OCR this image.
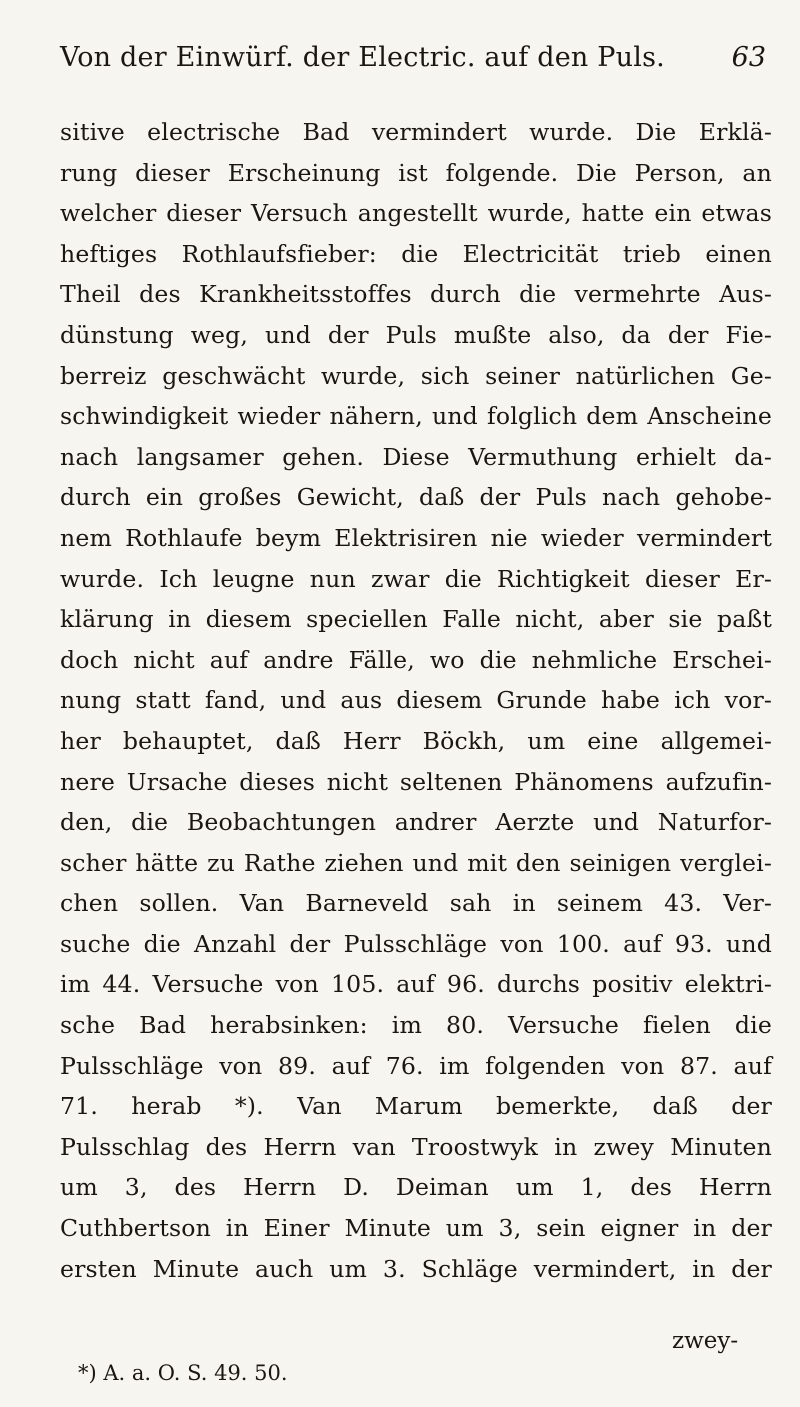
Von der Einwürf. der Electric. auf den Puls. 63
sitive electrische Bad vermindert wurde. Die Erklä-
rung dieser Erscheinung ist folgende. Die Person, an
welcher dieser Versuch angestellt wurde, hatte ein etwas
heftiges Rothlaufsfieber: die Electricität trieb einen
Theil des Krankheitsstoffes durch die vermehrte Aus-
dünstung weg, und der Puls mußte also, da der Fie-
berreiz geschwächt wurde, sich seiner natürlichen Ge-
schwindigkeit wieder nähern, und folglich dem Anscheine
nach langsamer gehen. Diese Vermuthung erhielt da-
durch ein großes Gewicht, daß der Puls nach gehobe-
nem Rothlaufe beym Elektrisiren nie wieder vermindert
wurde. Ich leugne nun zwar die Richtigkeit dieser Er-
klärung in diesem speciellen Falle nicht, aber sie paßt
doch nicht auf andre Fälle, wo die nehmliche Erschei-
nung statt fand, und aus diesem Grunde habe ich vor-
her behauptet, daß Herr Böckh, um eine allgemei-
nere Ursache dieses nicht seltenen Phänomens aufzufin-
den, die Beobachtungen andrer Aerzte und Naturfor-
scher hätte zu Rathe ziehen und mit den seinigen verglei-
chen sollen. Van Barneveld sah in seinem 43. Ver-
suche die Anzahl der Pulsschläge von 100. auf 93. und
im 44. Versuche von 105. auf 96. durchs positiv elektri-
sche Bad herabsinken: im 80. Versuche fielen die
Pulsschläge von 89. auf 76. im folgenden von 87. auf
71. herab *). Van Marum bemerkte, daß der
Pulsschlag des Herrn van Troostwyk in zwey Minuten
um 3, des Herrn D. Deiman um 1, des Herrn
Cuthbertson in Einer Minute um 3, sein eigner in der
ersten Minute auch um 3. Schläge vermindert, in der
zwey-
*) A. a. O. S. 49. 50.
